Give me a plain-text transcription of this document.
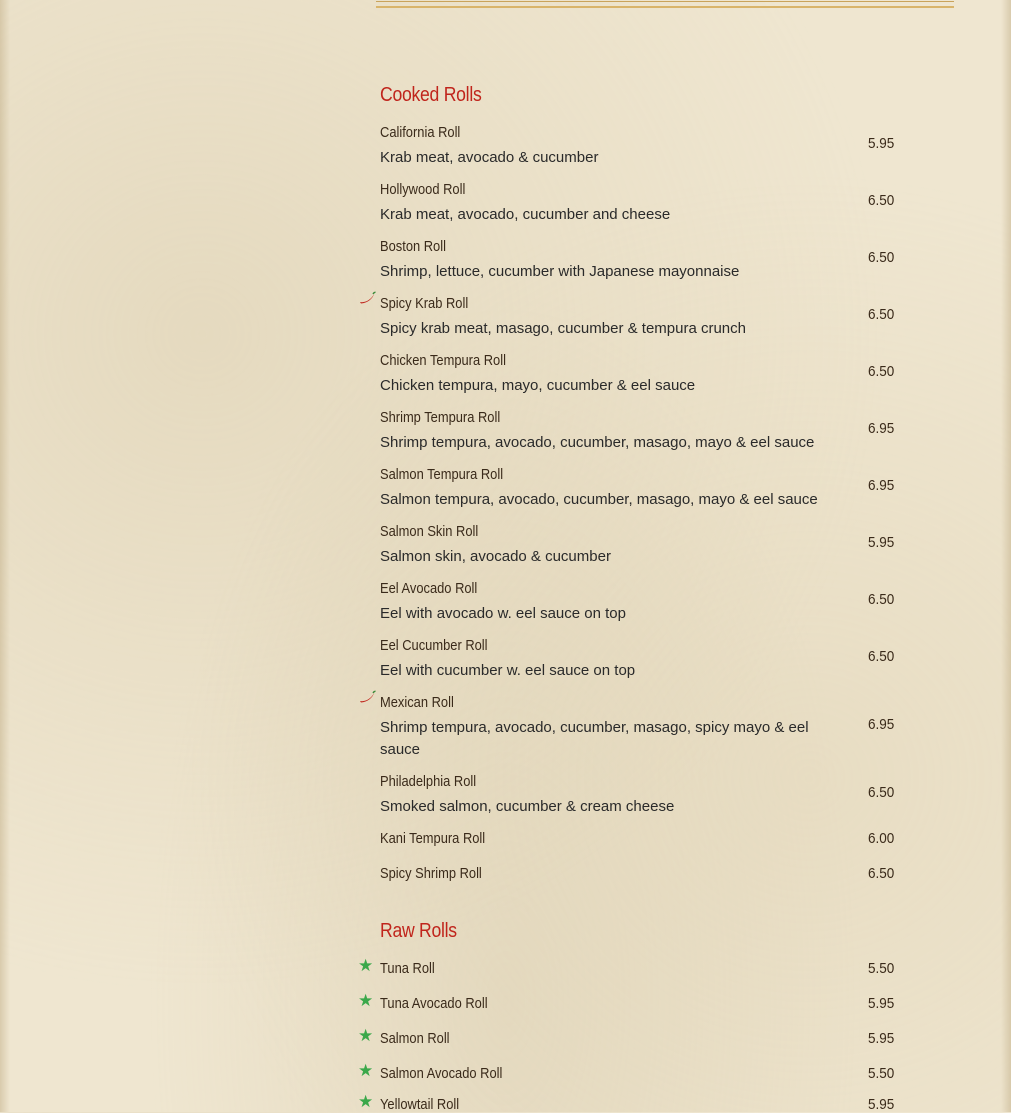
Cooked Rolls
California Roll
Krab meat, avocado & cucumber
5.95
Hollywood Roll
Krab meat, avocado, cucumber and cheese
6.50
Boston Roll
Shrimp, lettuce, cucumber with Japanese mayonnaise
6.50
Spicy Krab Roll
Spicy krab meat, masago, cucumber & tempura crunch
6.50
Chicken Tempura Roll
Chicken tempura, mayo, cucumber & eel sauce
6.50
Shrimp Tempura Roll
Shrimp tempura, avocado, cucumber, masago, mayo & eel sauce
6.95
Salmon Tempura Roll
Salmon tempura, avocado, cucumber, masago, mayo & eel sauce
6.95
Salmon Skin Roll
Salmon skin, avocado & cucumber
5.95
Eel Avocado Roll
Eel with avocado w. eel sauce on top
6.50
Eel Cucumber Roll
Eel with cucumber w. eel sauce on top
6.50
Mexican Roll
Shrimp tempura, avocado, cucumber, masago, spicy mayo & eel sauce
6.95
Philadelphia Roll
Smoked salmon, cucumber & cream cheese
6.50
Kani Tempura Roll	6.00
Spicy Shrimp Roll	6.50
Raw Rolls
★ Tuna Roll	5.50
★ Tuna Avocado Roll	5.95
★ Salmon Roll	5.95
★ Salmon Avocado Roll	5.50
★ Yellowtail Roll	5.95
